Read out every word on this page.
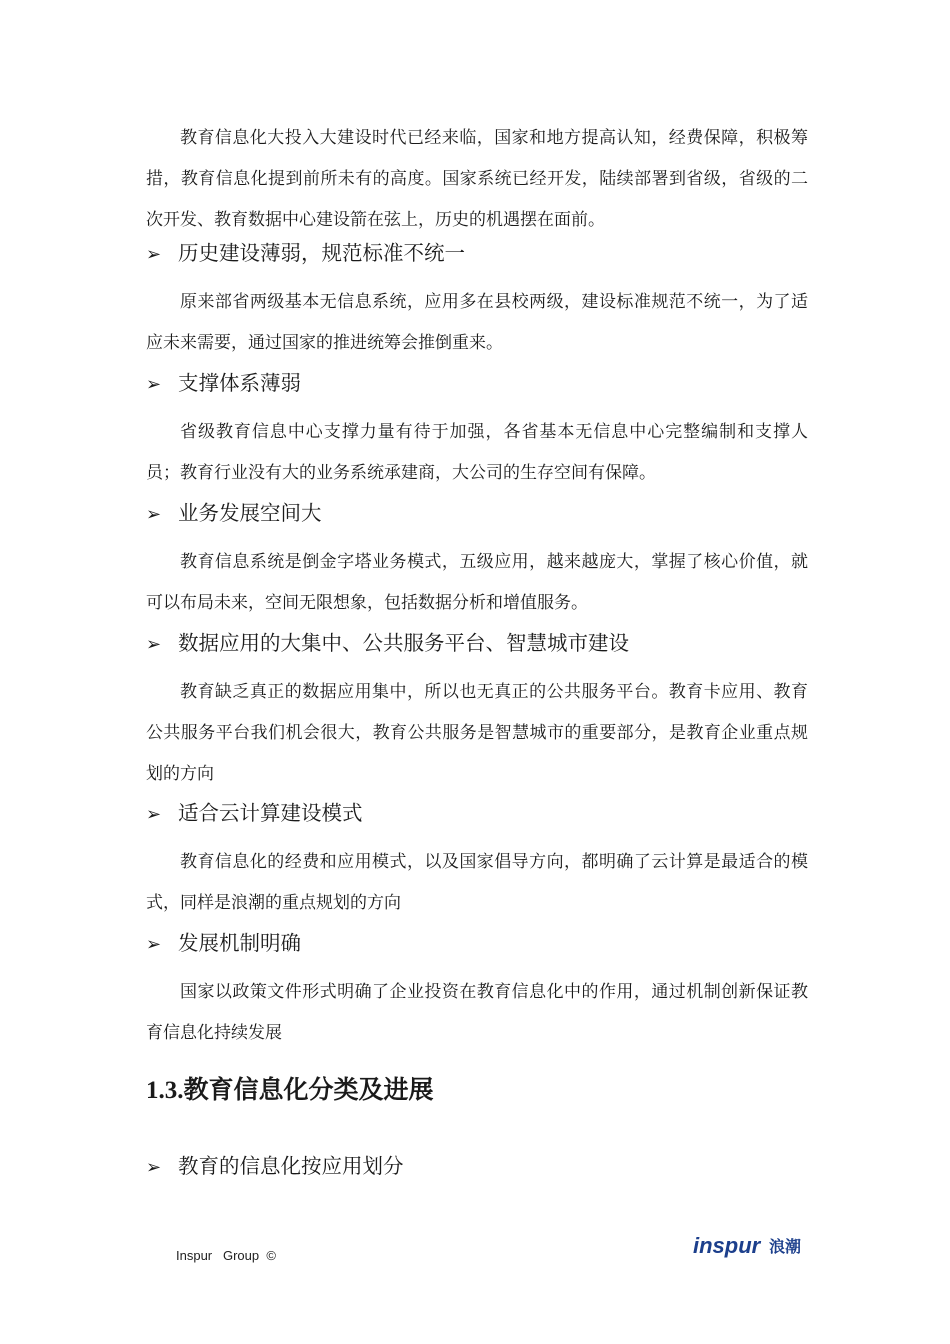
教育信息化大投入大建设时代已经来临，国家和地方提高认知，经费保障，积极筹措，教育信息化提到前所未有的高度。国家系统已经开发，陆续部署到省级，省级的二次开发、教育数据中心建设箭在弦上，历史的机遇摆在面前。

➢ 历史建设薄弱，规范标准不统一

原来部省两级基本无信息系统，应用多在县校两级，建设标准规范不统一，为了适应未来需要，通过国家的推进统筹会推倒重来。

➢ 支撑体系薄弱

省级教育信息中心支撑力量有待于加强，各省基本无信息中心完整编制和支撑人员；教育行业没有大的业务系统承建商，大公司的生存空间有保障。

➢ 业务发展空间大

教育信息系统是倒金字塔业务模式，五级应用，越来越庞大，掌握了核心价值，就可以布局未来，空间无限想象，包括数据分析和增值服务。

➢ 数据应用的大集中、公共服务平台、智慧城市建设

教育缺乏真正的数据应用集中，所以也无真正的公共服务平台。教育卡应用、教育公共服务平台我们机会很大，教育公共服务是智慧城市的重要部分，是教育企业重点规划的方向

➢ 适合云计算建设模式

教育信息化的经费和应用模式，以及国家倡导方向，都明确了云计算是最适合的模式，同样是浪潮的重点规划的方向

➢ 发展机制明确

国家以政策文件形式明确了企业投资在教育信息化中的作用，通过机制创新保证教育信息化持续发展

1.3.教育信息化分类及进展
➢ 教育的信息化按应用划分
Inspur   Group  ©	inspur 浪潮
